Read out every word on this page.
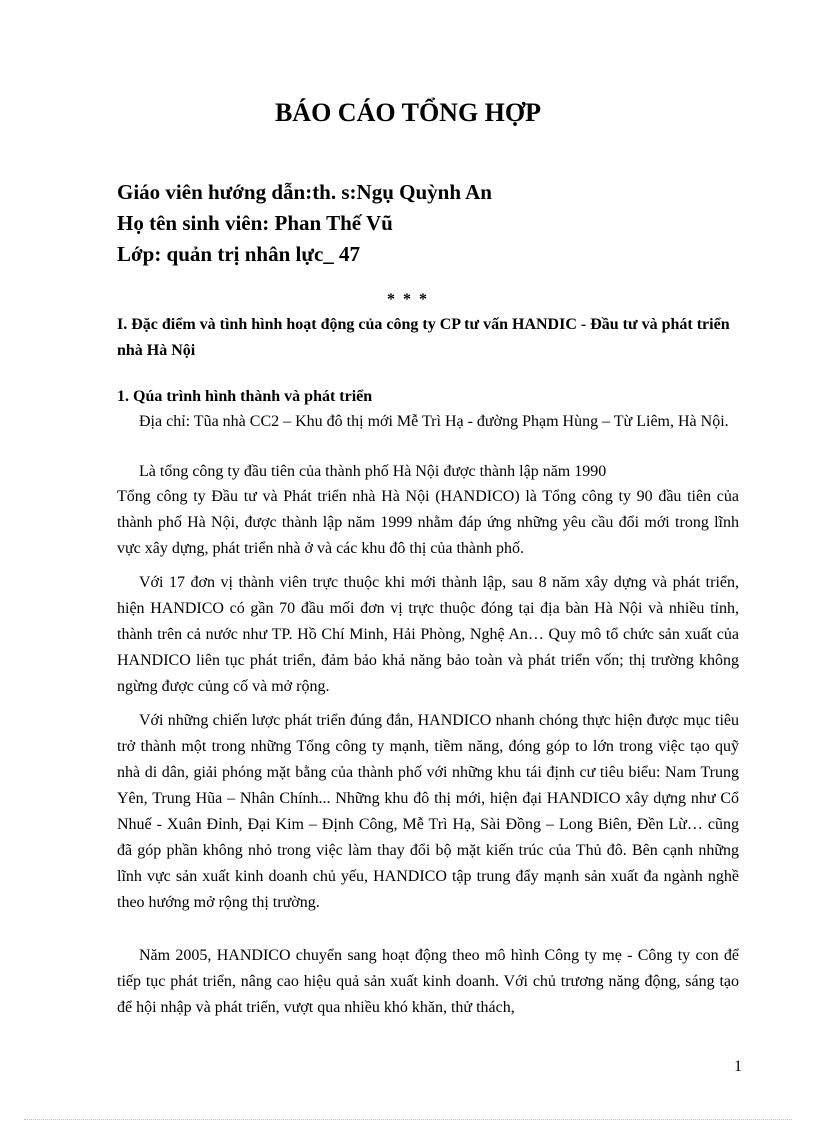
BÁO CÁO TỔNG HỢP
Giáo viên hướng dẫn:th. s:Ngụ Quỳnh An
Họ tên sinh viên: Phan Thế Vũ
Lớp: quản trị nhân lực_ 47
* * *
I. Đặc điểm và tình hình hoạt động của công ty CP tư vấn HANDIC - Đầu tư và phát triển nhà Hà Nội
1. Qúa trình hình thành và phát triển
Địa chỉ: Tũa nhà CC2 – Khu đô thị mới Mễ Trì Hạ - đường Phạm Hùng – Từ Liêm, Hà Nội.
Là tổng công ty đầu tiên của thành phố Hà Nội được thành lập năm 1990
Tổng công ty Đầu tư và Phát triển nhà Hà Nội (HANDICO) là Tổng công ty 90 đầu tiên của thành phố Hà Nội, được thành lập năm 1999 nhằm đáp ứng những yêu cầu đổi mới trong lĩnh vực xây dựng, phát triển nhà ở và các khu đô thị của thành phố.
Với 17 đơn vị thành viên trực thuộc khi mới thành lập, sau 8 năm xây dựng và phát triển, hiện HANDICO có gần 70 đầu mối đơn vị trực thuộc đóng tại địa bàn Hà Nội và nhiều tỉnh, thành trên cả nước như TP. Hồ Chí Minh, Hải Phòng, Nghệ An… Quy mô tổ chức sản xuất của HANDICO liên tục phát triển, đảm bảo khả năng bảo toàn và phát triển vốn; thị trường không ngừng được củng cố và mở rộng.
Với những chiến lược phát triển đúng đắn, HANDICO nhanh chóng thực hiện được mục tiêu trở thành một trong những Tổng công ty mạnh, tiềm năng, đóng góp to lớn trong việc tạo quỹ nhà di dân, giải phóng mặt bằng của thành phố với những khu tái định cư tiêu biểu: Nam Trung Yên, Trung Hũa – Nhân Chính... Những khu đô thị mới, hiện đại HANDICO xây dựng như Cổ Nhuế - Xuân Đỉnh, Đại Kim – Định Công, Mễ Trì Hạ, Sài Đồng – Long Biên, Đền Lừ… cũng đã góp phần không nhỏ trong việc làm thay đổi bộ mặt kiến trúc của Thủ đô. Bên cạnh những lĩnh vực sản xuất kinh doanh chủ yếu, HANDICO tập trung đẩy mạnh sản xuất đa ngành nghề theo hướng mở rộng thị trường.
Năm 2005, HANDICO chuyển sang hoạt động theo mô hình Công ty mẹ - Công ty con để tiếp tục phát triển, nâng cao hiệu quả sản xuất kinh doanh. Với chủ trương năng động, sáng tạo để hội nhập và phát triển, vượt qua nhiều khó khăn, thử thách,
1
